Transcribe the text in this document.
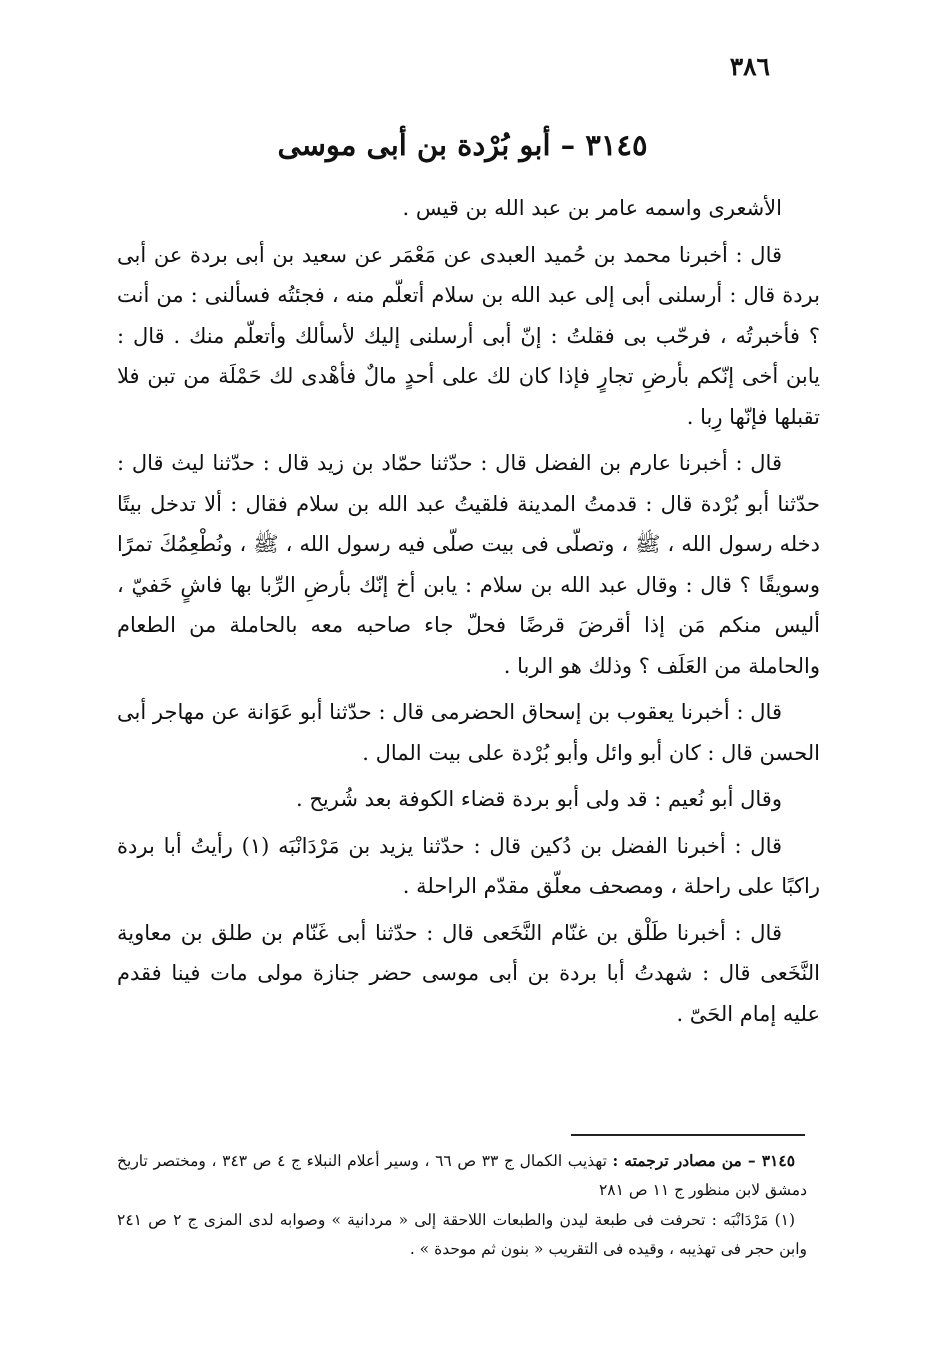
٣٨٦
٣١٤٥ – أبو بُرْدة بن أبى موسى

الأشعرى واسمه عامر بن عبد الله بن قيس .

قال : أخبرنا محمد بن حُميد العبدى عن مَعْمَر عن سعيد بن أبى بردة عن أبى بردة قال : أرسلنى أبى إلى عبد الله بن سلام أتعلّم منه ، فجئتُه فسألنى : من أنت ؟ فأخبرتُه ، فرحّب بى فقلتُ : إنّ أبى أرسلنى إليك لأسألك وأتعلّم منك . قال : يابن أخى إنّكم بأرضِ تجارٍ فإذا كان لك على أحدٍ مالٌ فأهْدى لك حَمْلَة من تبن فلا تقبلها فإنّها رِبا .

قال : أخبرنا عارم بن الفضل قال : حدّثنا حمّاد بن زيد قال : حدّثنا ليث قال : حدّثنا أبو بُرْدة قال : قدمتُ المدينة فلقيتُ عبد الله بن سلام فقال : ألا تدخل بيتًا دخله رسول الله ، ﷺ ، وتصلّى فى بيت صلّى فيه رسول الله ، ﷺ ، ونُطْعِمُكَ تمرًا وسويقًا ؟ قال : وقال عبد الله بن سلام : يابن أخ إنّك بأرضِ الرِّبا بها فاشٍ خَفيّ ، أليس منكم مَن إذا أقرضَ قرضًا فحلّ جاء صاحبه معه بالحاملة من الطعام والحاملة من العَلَف ؟ وذلك هو الربا .

قال : أخبرنا يعقوب بن إسحاق الحضرمى قال : حدّثنا أبو عَوَانة عن مهاجر أبى الحسن قال : كان أبو وائل وأبو بُرْدة على بيت المال .

وقال أبو نُعيم : قد ولى أبو بردة قضاء الكوفة بعد شُريح .

قال : أخبرنا الفضل بن دُكين قال : حدّثنا يزيد بن مَرْدَانْبَه (١) رأيتُ أبا بردة راكبًا على راحلة ، ومصحف معلّق مقدّم الراحلة .

قال : أخبرنا طَلْق بن غنّام النَّخَعى قال : حدّثنا أبى غَنّام بن طلق بن معاوية النَّخَعى قال : شهدتُ أبا بردة بن أبى موسى حضر جنازة مولى مات فينا فقدم عليه إمام الحَىّ .

٣١٤٥ – من مصادر ترجمته : تهذيب الكمال ج ٣٣ ص ٦٦ ، وسير أعلام النبلاء ج ٤ ص ٣٤٣ ، ومختصر تاريخ دمشق لابن منظور ج ١١ ص ٢٨١

(١) مَرْدَانْبَه : تحرفت فى طبعة ليدن والطبعات اللاحقة إلى « مردانية » وصوابه لدى المزى ج ٢ ص ٢٤١ وابن حجر فى تهذيبه ، وقيده فى التقريب « بنون ثم موحدة » .
